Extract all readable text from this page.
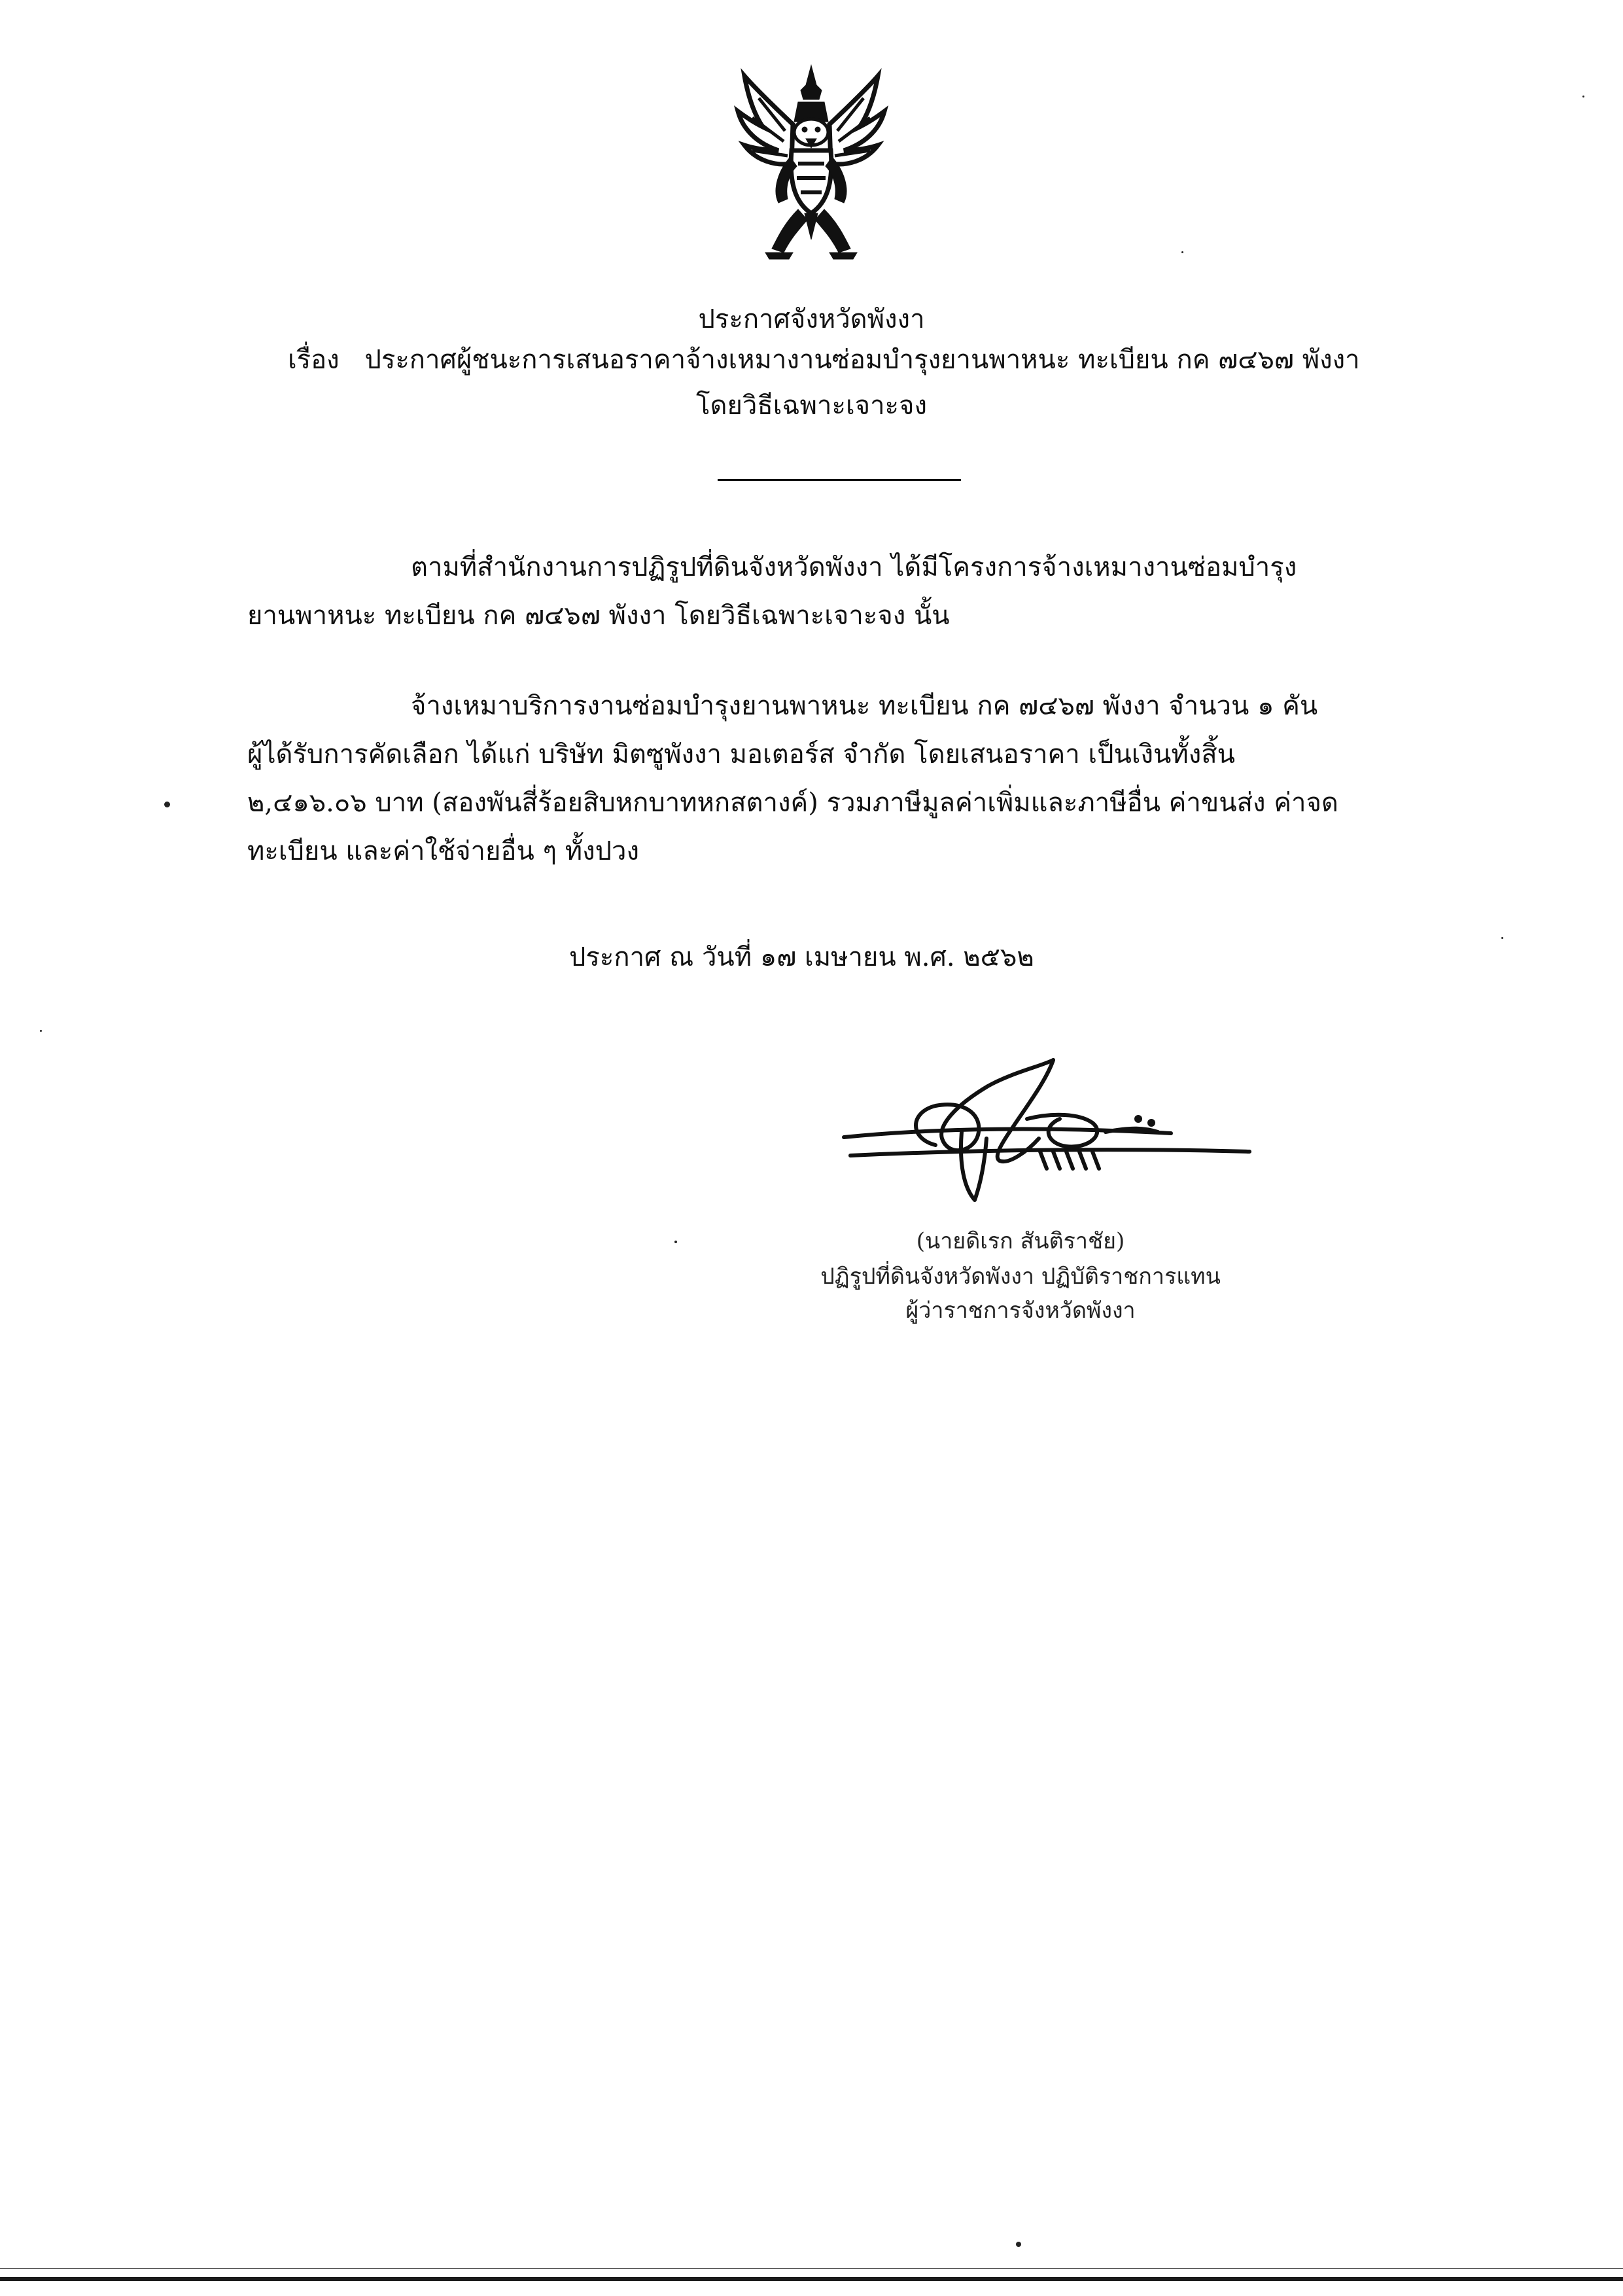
ประกาศจังหวัดพังงา
เรื่อง ประกาศผู้ชนะการเสนอราคาจ้างเหมางานซ่อมบำรุงยานพาหนะ ทะเบียน กค ๗๔๖๗ พังงา
โดยวิธีเฉพาะเจาะจง
ตามที่สำนักงานการปฏิรูปที่ดินจังหวัดพังงา ได้มีโครงการจ้างเหมางานซ่อมบำรุง
ยานพาหนะ ทะเบียน กค ๗๔๖๗ พังงา โดยวิธีเฉพาะเจาะจง นั้น
จ้างเหมาบริการงานซ่อมบำรุงยานพาหนะ ทะเบียน กค ๗๔๖๗ พังงา จำนวน ๑ คัน
ผู้ได้รับการคัดเลือก ได้แก่ บริษัท มิตซูพังงา มอเตอร์ส จำกัด โดยเสนอราคา เป็นเงินทั้งสิ้น
๒,๔๑๖.๐๖ บาท (สองพันสี่ร้อยสิบหกบาทหกสตางค์) รวมภาษีมูลค่าเพิ่มและภาษีอื่น ค่าขนส่ง ค่าจด
ทะเบียน และค่าใช้จ่ายอื่น ๆ ทั้งปวง
ประกาศ ณ วันที่ ๑๗ เมษายน พ.ศ. ๒๕๖๒
(นายดิเรก สันติราชัย)
ปฏิรูปที่ดินจังหวัดพังงา ปฏิบัติราชการแทน
ผู้ว่าราชการจังหวัดพังงา
